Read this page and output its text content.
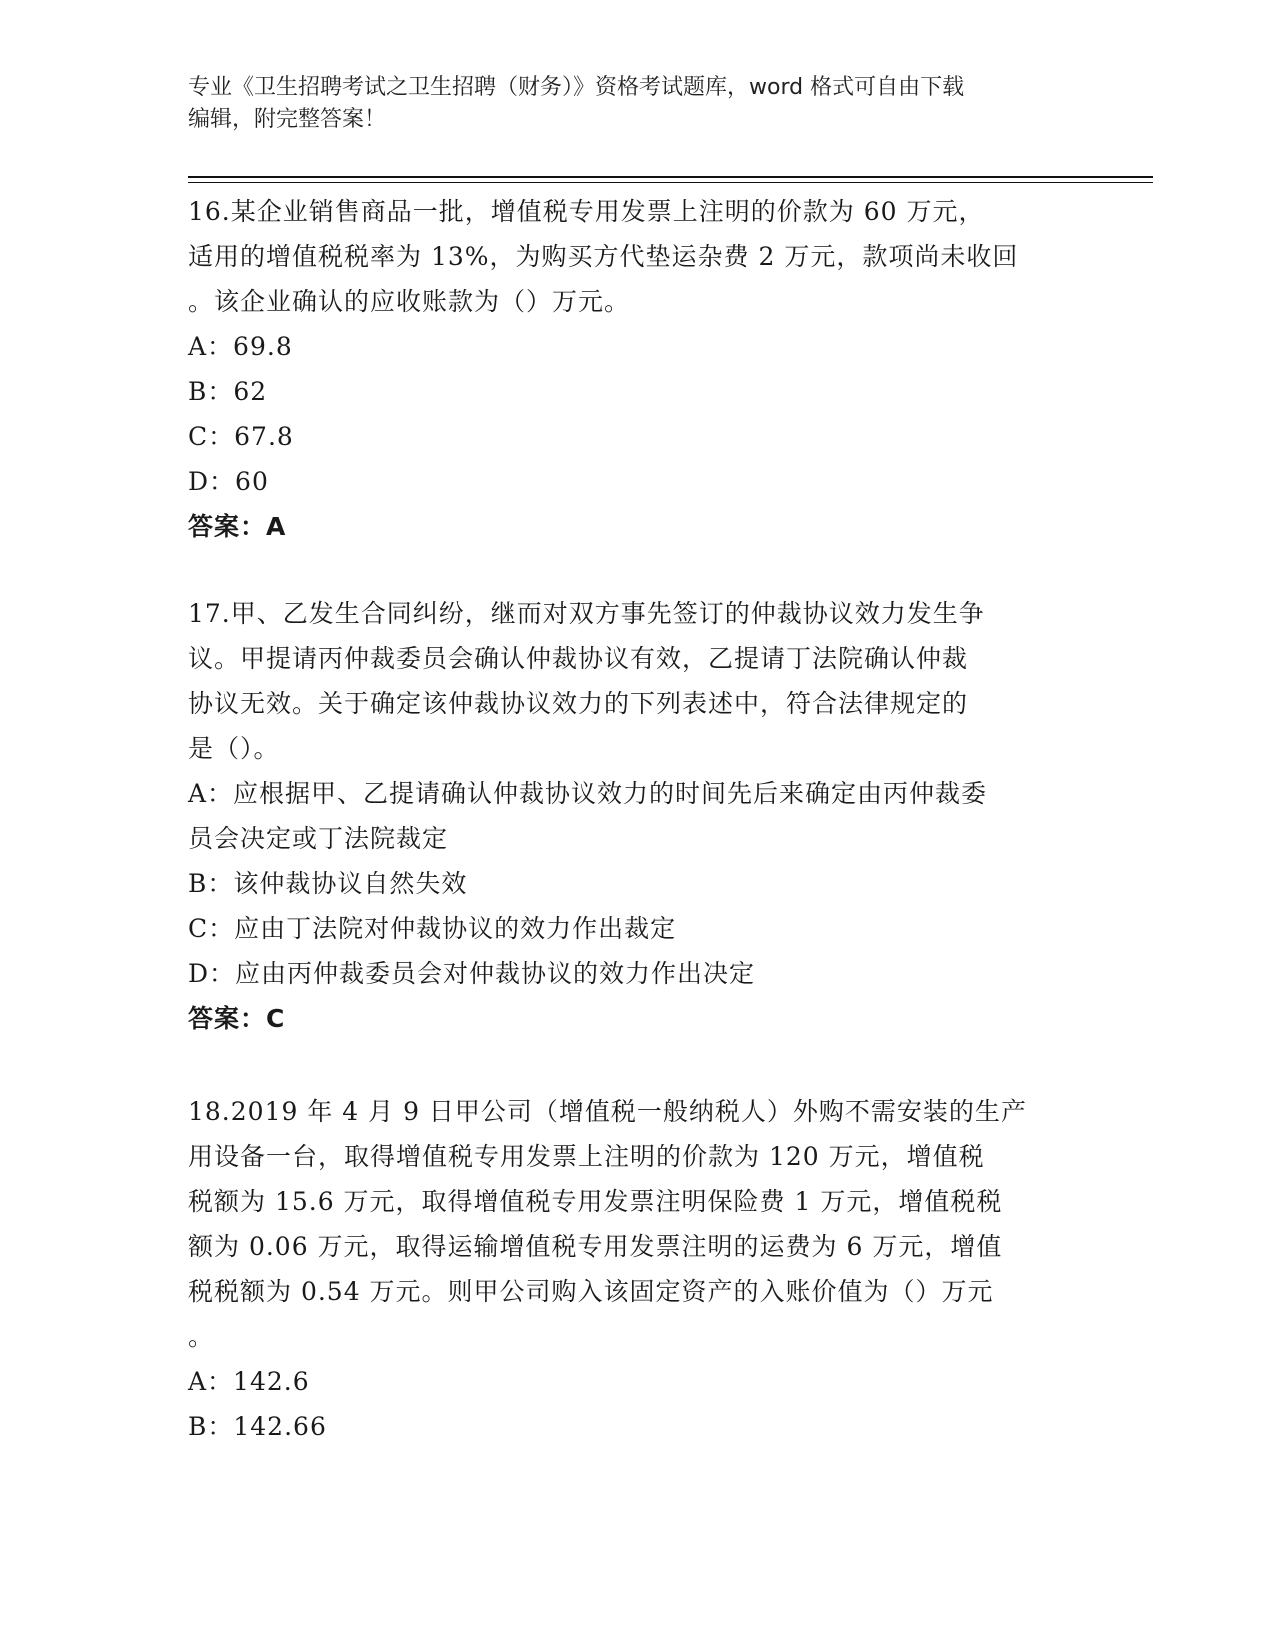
专业《卫生招聘考试之卫生招聘（财务）》资格考试题库，word 格式可自由下载
编辑，附完整答案！

16.某企业销售商品一批，增值税专用发票上注明的价款为 60 万元，

适用的增值税税率为 13%，为购买方代垫运杂费 2 万元，款项尚未收回

。该企业确认的应收账款为（）万元。

A：69.8

B：62

C：67.8

D：60

答案：A

17.甲、乙发生合同纠纷，继而对双方事先签订的仲裁协议效力发生争

议。甲提请丙仲裁委员会确认仲裁协议有效，乙提请丁法院确认仲裁

协议无效。关于确定该仲裁协议效力的下列表述中，符合法律规定的

是（）。

A：应根据甲、乙提请确认仲裁协议效力的时间先后来确定由丙仲裁委

员会决定或丁法院裁定

B：该仲裁协议自然失效

C：应由丁法院对仲裁协议的效力作出裁定

D：应由丙仲裁委员会对仲裁协议的效力作出决定

答案：C

18.2019 年 4 月 9 日甲公司（增值税一般纳税人）外购不需安装的生产

用设备一台，取得增值税专用发票上注明的价款为 120 万元，增值税

税额为 15.6 万元，取得增值税专用发票注明保险费 1 万元，增值税税

额为 0.06 万元，取得运输增值税专用发票注明的运费为 6 万元，增值

税税额为 0.54 万元。则甲公司购入该固定资产的入账价值为（）万元

。

A：142.6

B：142.66
